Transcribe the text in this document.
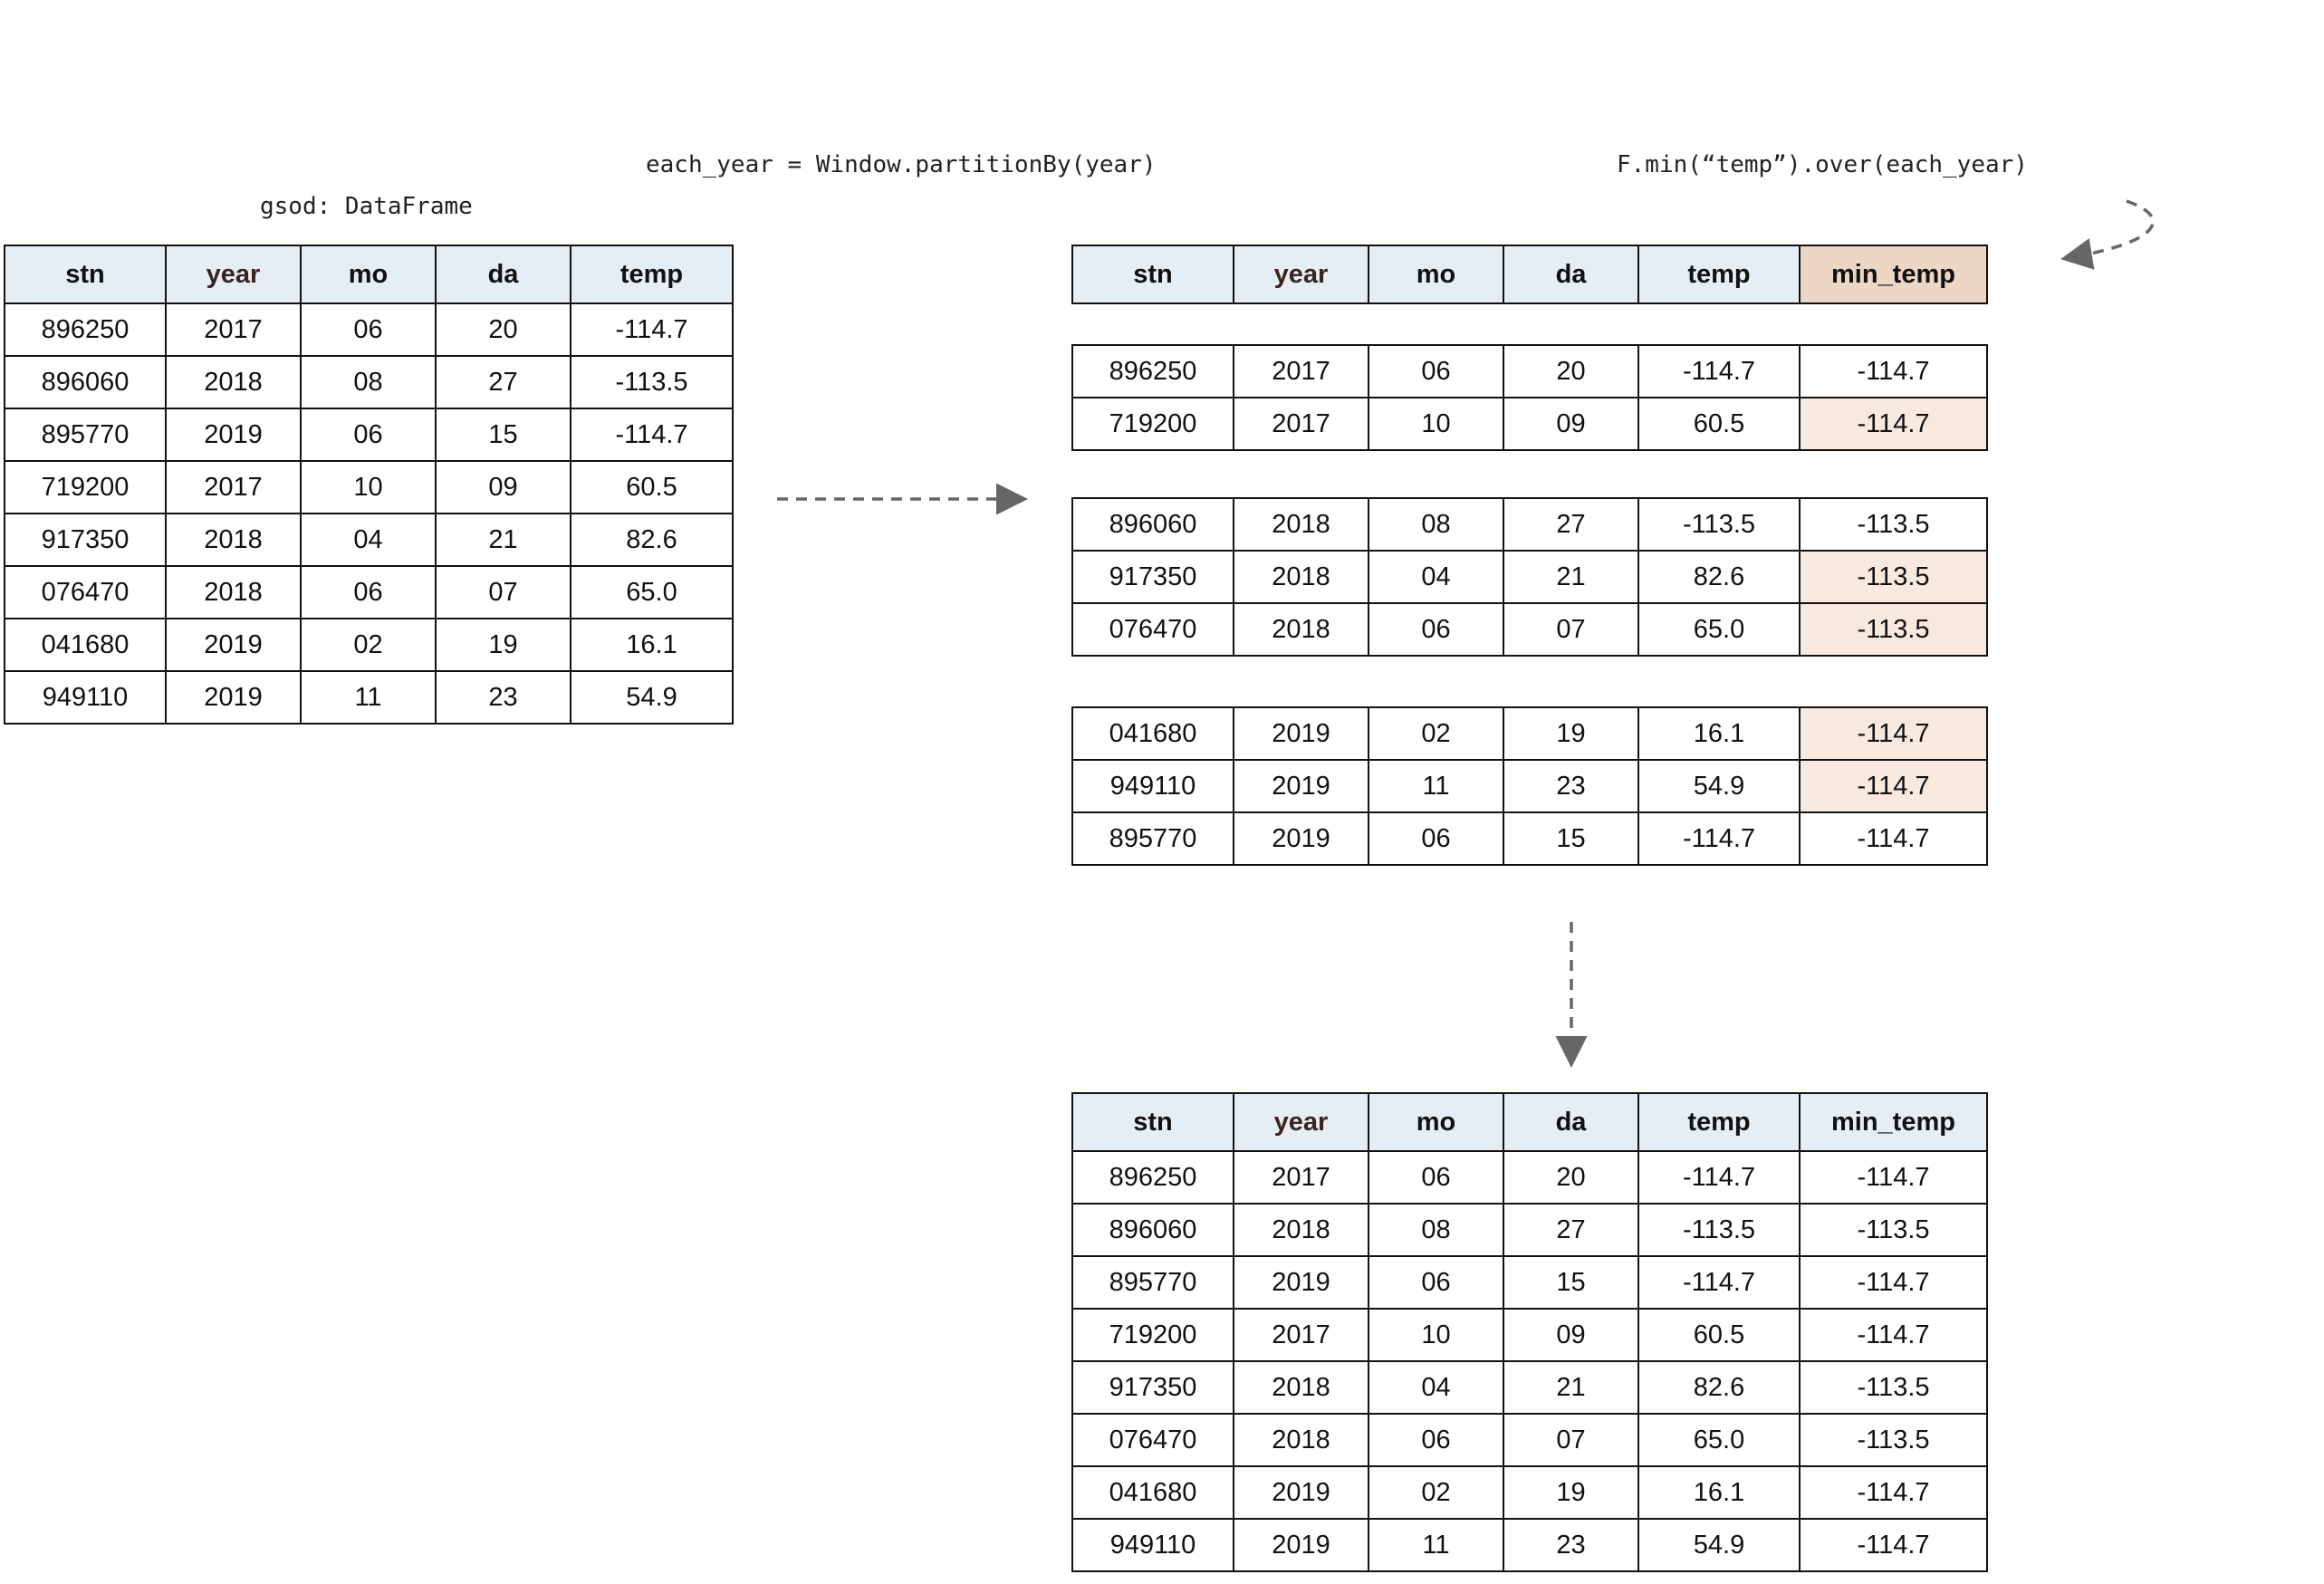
gsod: DataFrame
each_year = Window.partitionBy(year)	F.min(“temp”).over(each_year)
stn	year	mo	da	temp
896250	2017	06	20	-114.7
896060	2018	08	27	-113.5
895770	2019	06	15	-114.7
719200	2017	10	09	60.5
917350	2018	04	21	82.6
076470	2018	06	07	65.0
041680	2019	02	19	16.1
949110	2019	11	23	54.9
stn	year	mo	da	temp	min_temp
896250	2017	06	20	-114.7	-114.7
719200	2017	10	09	60.5	-114.7
896060	2018	08	27	-113.5	-113.5
917350	2018	04	21	82.6	-113.5
076470	2018	06	07	65.0	-113.5
041680	2019	02	19	16.1	-114.7
949110	2019	11	23	54.9	-114.7
895770	2019	06	15	-114.7	-114.7
stn	year	mo	da	temp	min_temp
896250	2017	06	20	-114.7	-114.7
896060	2018	08	27	-113.5	-113.5
895770	2019	06	15	-114.7	-114.7
719200	2017	10	09	60.5	-114.7
917350	2018	04	21	82.6	-113.5
076470	2018	06	07	65.0	-113.5
041680	2019	02	19	16.1	-114.7
949110	2019	11	23	54.9	-114.7
